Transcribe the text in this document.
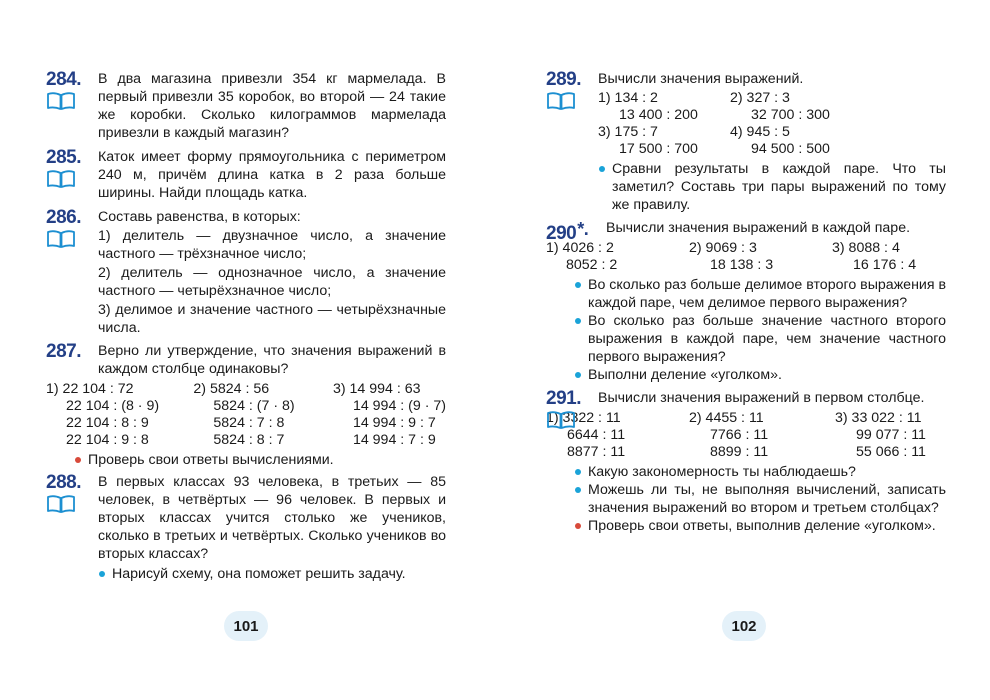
284. В два магазина привезли 354 кг мармелада. В первый привезли 35 коробок, во второй — 24 такие же коробки. Сколько килограммов мармелада привезли в каждый магазин?
285. Каток имеет форму прямоугольника с периметром 240 м, причём длина катка в 2 раза больше ширины. Найди площадь катка.
286. Составь равенства, в которых:
1) делитель — двузначное число, а значение частного — трёхзначное число;
2) делитель — однозначное число, а значение частного — четырёхзначное число;
3) делимое и значение частного — четырёхзначные числа.
287. Верно ли утверждение, что значения выражений в каждом столбце одинаковы?
1) 22 104 : 72
22 104 : (8 · 9)
22 104 : 8 : 9
22 104 : 9 : 8
2) 5824 : 56
5824 : (7 · 8)
5824 : 7 : 8
5824 : 8 : 7
3) 14 994 : 63
14 994 : (9 · 7)
14 994 : 9 : 7
14 994 : 7 : 9
Проверь свои ответы вычислениями.
288. В первых классах 93 человека, в третьих — 85 человек, в четвёртых — 96 человек. В первых и вторых классах учится столько же учеников, сколько в третьих и четвёртых. Сколько учеников во вторых классах?
Нарисуй схему, она поможет решить задачу.
101
289. Вычисли значения выражений.
1) 134 : 2
13 400 : 200
3) 175 : 7
17 500 : 700
2) 327 : 3
32 700 : 300
4) 945 : 5
94 500 : 500
Сравни результаты в каждой паре. Что ты заметил? Составь три пары выражений по тому же правилу.
290*.	Вычисли значения выражений в каждой паре.
1) 4026 : 2
8052 : 2
2) 9069 : 3
18 138 : 3
3) 8088 : 4
16 176 : 4
Во сколько раз больше делимое второго выражения в каждой паре, чем делимое первого выражения?
Во сколько раз больше значение частного второго выражения в каждой паре, чем значение частного первого выражения?
Выполни деление «уголком».
291. Вычисли значения выражений в первом столбце.
1) 3322 : 11
6644 : 11
8877 : 11
2) 4455 : 11
7766 : 11
8899 : 11
3) 33 022 : 11
99 077 : 11
55 066 : 11
Какую закономерность ты наблюдаешь?
Можешь ли ты, не выполняя вычислений, записать значения выражений во втором и третьем столбцах?
Проверь свои ответы, выполнив деление «уголком».
102
